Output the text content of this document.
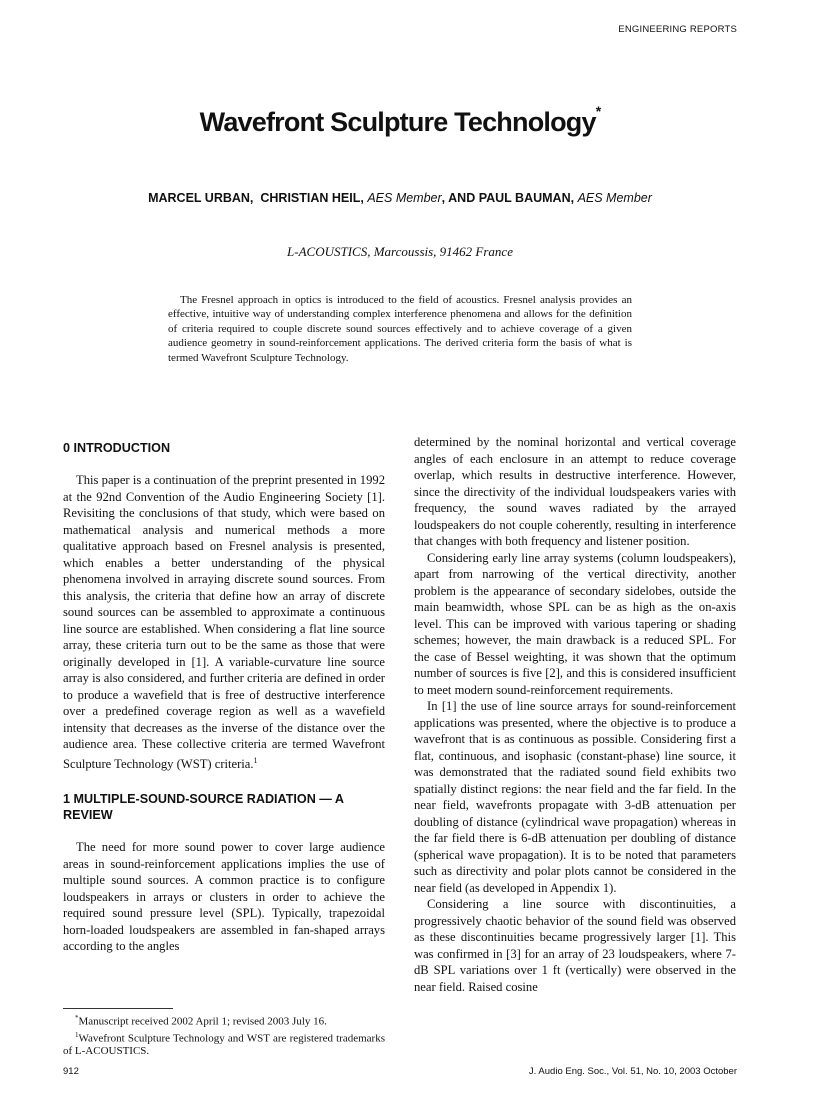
ENGINEERING REPORTS
Wavefront Sculpture Technology*
MARCEL URBAN, CHRISTIAN HEIL, AES Member, AND PAUL BAUMAN, AES Member
L-ACOUSTICS, Marcoussis, 91462 France

The Fresnel approach in optics is introduced to the field of acoustics. Fresnel analysis provides an effective, intuitive way of understanding complex interference phenomena and allows for the definition of criteria required to couple discrete sound sources effectively and to achieve coverage of a given audience geometry in sound-reinforcement applications. The derived criteria form the basis of what is termed Wavefront Sculpture Technology.

0 INTRODUCTION

This paper is a continuation of the preprint presented in 1992 at the 92nd Convention of the Audio Engineering Society [1]. Revisiting the conclusions of that study, which were based on mathematical analysis and numerical methods a more qualitative approach based on Fresnel analysis is presented, which enables a better understanding of the physical phenomena involved in arraying discrete sound sources. From this analysis, the criteria that define how an array of discrete sound sources can be assembled to approximate a continuous line source are established. When considering a flat line source array, these criteria turn out to be the same as those that were originally developed in [1]. A variable-curvature line source array is also considered, and further criteria are defined in order to produce a wavefield that is free of destructive interference over a predefined coverage region as well as a wavefield intensity that decreases as the inverse of the distance over the audience area. These collective criteria are termed Wavefront Sculpture Technology (WST) criteria.$^1$

1 MULTIPLE-SOUND-SOURCE RADIATION — A REVIEW

The need for more sound power to cover large audience areas in sound-reinforcement applications implies the use of multiple sound sources. A common practice is to configure loudspeakers in arrays or clusters in order to achieve the required sound pressure level (SPL). Typically, trapezoidal horn-loaded loudspeakers are assembled in fan-shaped arrays according to the angles

determined by the nominal horizontal and vertical coverage angles of each enclosure in an attempt to reduce coverage overlap, which results in destructive interference. However, since the directivity of the individual loudspeakers varies with frequency, the sound waves radiated by the arrayed loudspeakers do not couple coherently, resulting in interference that changes with both frequency and listener position.

Considering early line array systems (column loudspeakers), apart from narrowing of the vertical directivity, another problem is the appearance of secondary sidelobes, outside the main beamwidth, whose SPL can be as high as the on-axis level. This can be improved with various tapering or shading schemes; however, the main drawback is a reduced SPL. For the case of Bessel weighting, it was shown that the optimum number of sources is five [2], and this is considered insufficient to meet modern sound-reinforcement requirements.

In [1] the use of line source arrays for sound-reinforcement applications was presented, where the objective is to produce a wavefront that is as continuous as possible. Considering first a flat, continuous, and isophasic (constant-phase) line source, it was demonstrated that the radiated sound field exhibits two spatially distinct regions: the near field and the far field. In the near field, wavefronts propagate with 3-dB attenuation per doubling of distance (cylindrical wave propagation) whereas in the far field there is 6-dB attenuation per doubling of distance (spherical wave propagation). It is to be noted that parameters such as directivity and polar plots cannot be considered in the near field (as developed in Appendix 1).

Considering a line source with discontinuities, a progressively chaotic behavior of the sound field was observed as these discontinuities became progressively larger [1]. This was confirmed in [3] for an array of 23 loudspeakers, where 7-dB SPL variations over 1 ft (vertically) were observed in the near field. Raised cosine

*Manuscript received 2002 April 1; revised 2003 July 16.

$^1$Wavefront Sculpture Technology and WST are registered trademarks of L-ACOUSTICS.

912	J. Audio Eng. Soc., Vol. 51, No. 10, 2003 October
